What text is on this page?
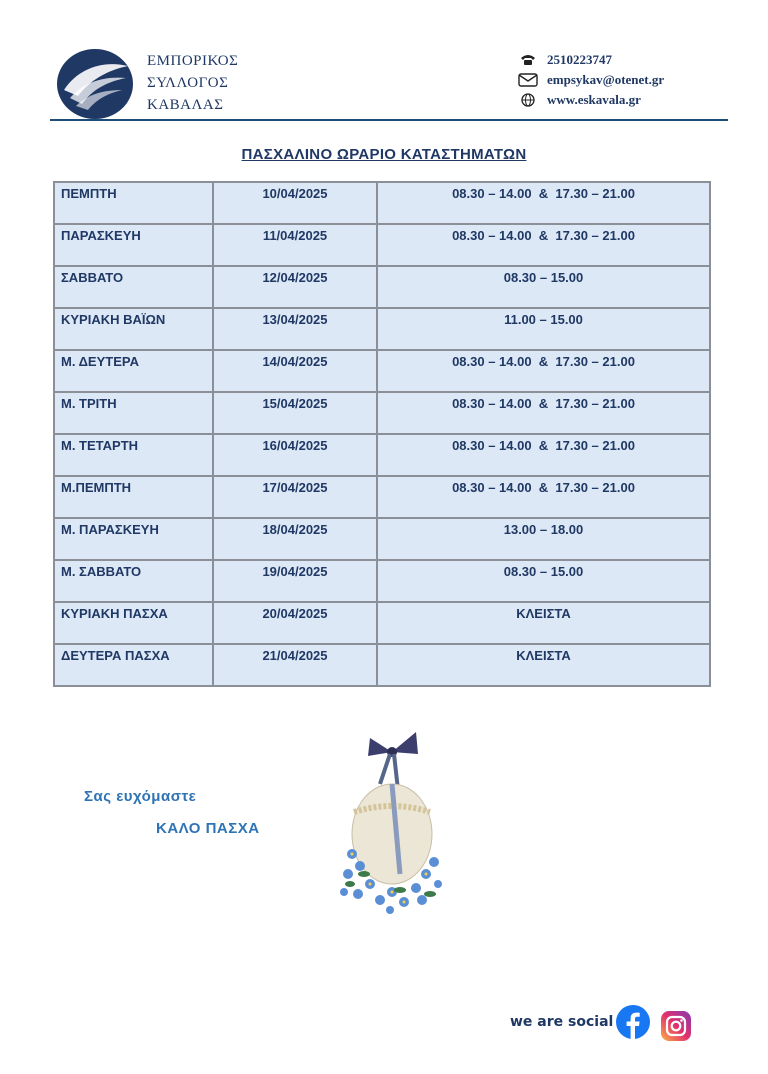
ΕΜΠΟΡΙΚΟΣ
ΣΥΛΛΟΓΟΣ
ΚΑΒΑΛΑΣ
2510223747
empsykav@otenet.gr
www.eskavala.gr
ΠΑΣΧΑΛΙΝΟ ΩΡΑΡΙΟ ΚΑΤΑΣΤΗΜΑΤΩΝ
ΠΕΜΠΤΗ	10/04/2025	08.30 – 14.00  &  17.30 – 21.00
ΠΑΡΑΣΚΕΥΗ	11/04/2025	08.30 – 14.00  &  17.30 – 21.00
ΣΑΒΒΑΤΟ	12/04/2025	08.30 – 15.00
ΚΥΡΙΑΚΗ ΒΑΪΩΝ	13/04/2025	11.00 – 15.00
Μ. ΔΕΥΤΕΡΑ	14/04/2025	08.30 – 14.00  &  17.30 – 21.00
Μ. ΤΡΙΤΗ	15/04/2025	08.30 – 14.00  &  17.30 – 21.00
Μ. ΤΕΤΑΡΤΗ	16/04/2025	08.30 – 14.00  &  17.30 – 21.00
Μ.ΠΕΜΠΤΗ	17/04/2025	08.30 – 14.00  &  17.30 – 21.00
Μ. ΠΑΡΑΣΚΕΥΗ	18/04/2025	13.00 – 18.00
Μ. ΣΑΒΒΑΤΟ	19/04/2025	08.30 – 15.00
ΚΥΡΙΑΚΗ ΠΑΣΧΑ	20/04/2025	ΚΛΕΙΣΤΑ
ΔΕΥΤΕΡΑ ΠΑΣΧΑ	21/04/2025	ΚΛΕΙΣΤΑ
Σας ευχόμαστε
ΚΑΛΟ ΠΑΣΧΑ
we are social
